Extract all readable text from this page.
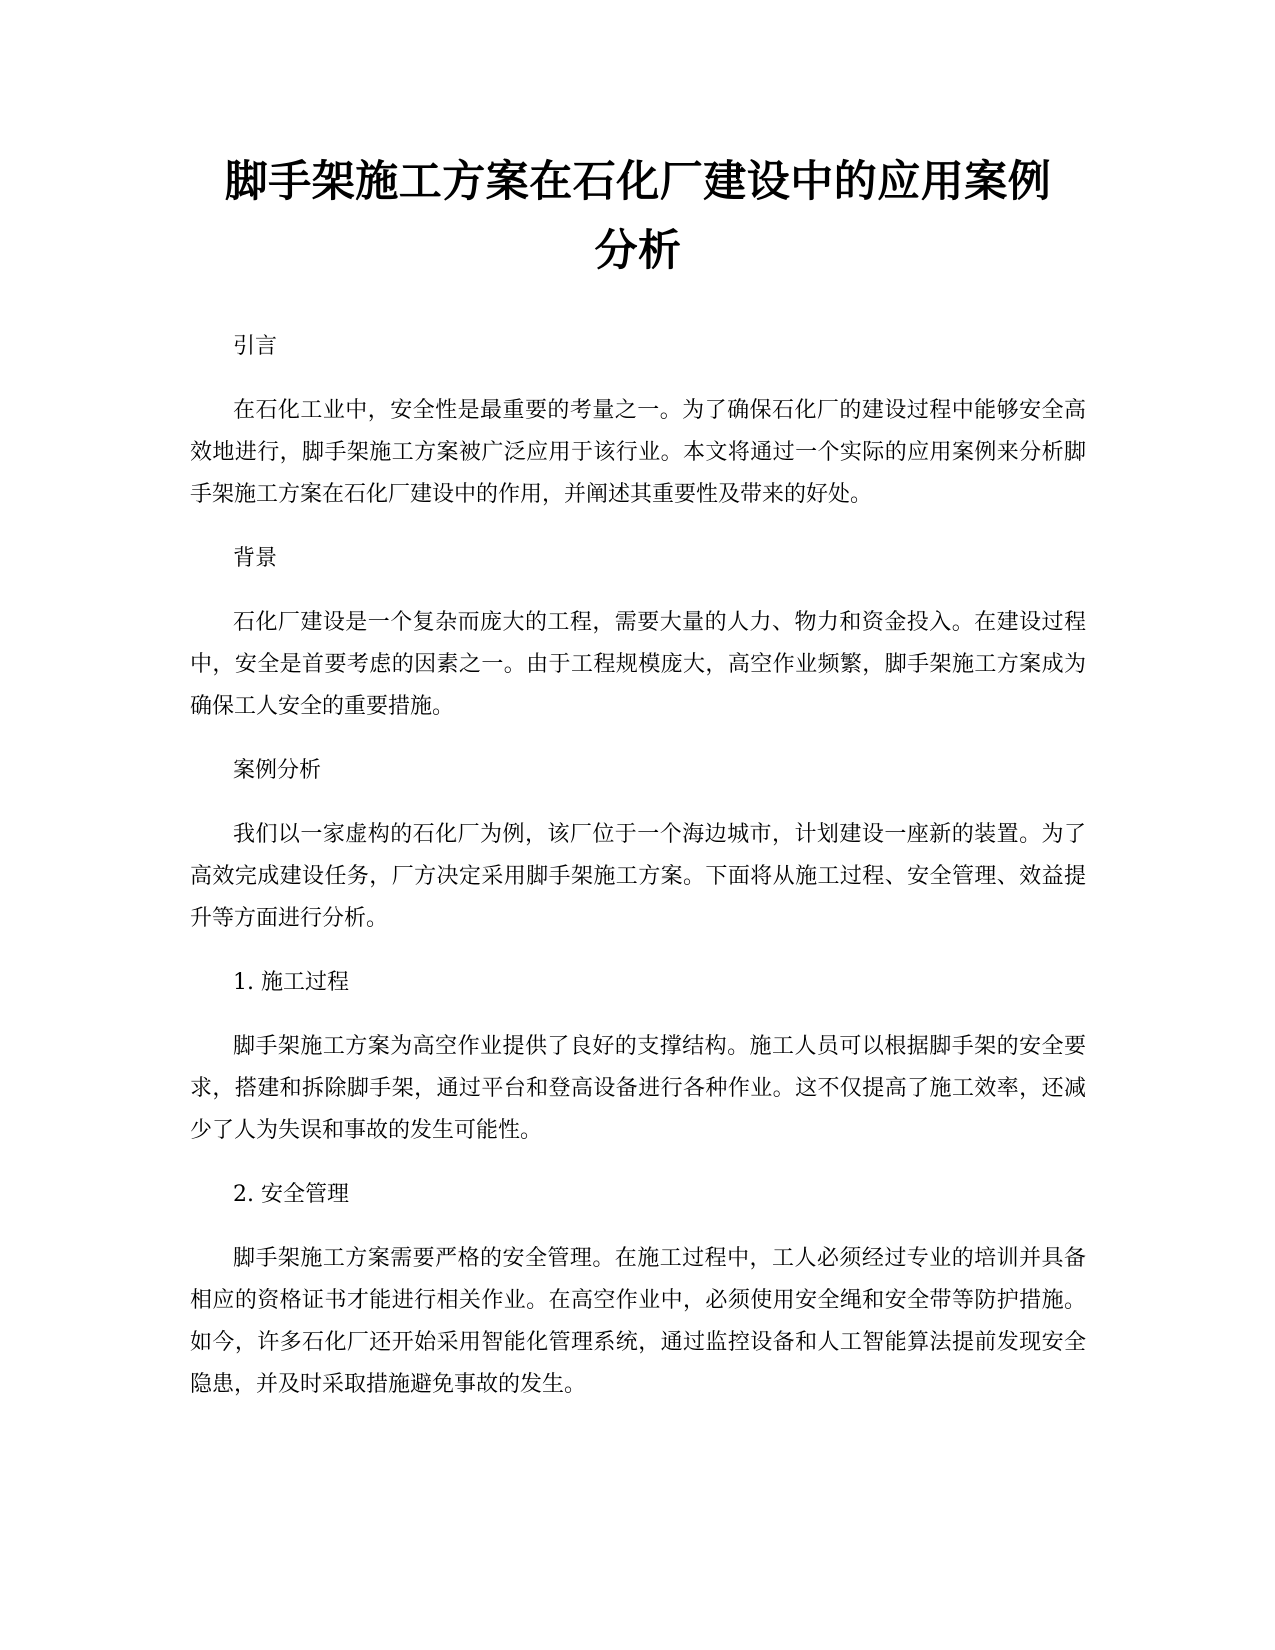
脚手架施工方案在石化厂建设中的应用案例
分析

引言

在石化工业中，安全性是最重要的考量之一。为了确保石化厂的建设过程中能够安全高效地进行，脚手架施工方案被广泛应用于该行业。本文将通过一个实际的应用案例来分析脚手架施工方案在石化厂建设中的作用，并阐述其重要性及带来的好处。

背景

石化厂建设是一个复杂而庞大的工程，需要大量的人力、物力和资金投入。在建设过程中，安全是首要考虑的因素之一。由于工程规模庞大，高空作业频繁，脚手架施工方案成为确保工人安全的重要措施。

案例分析

我们以一家虚构的石化厂为例，该厂位于一个海边城市，计划建设一座新的装置。为了高效完成建设任务，厂方决定采用脚手架施工方案。下面将从施工过程、安全管理、效益提升等方面进行分析。

1. 施工过程

脚手架施工方案为高空作业提供了良好的支撑结构。施工人员可以根据脚手架的安全要求，搭建和拆除脚手架，通过平台和登高设备进行各种作业。这不仅提高了施工效率，还减少了人为失误和事故的发生可能性。

2. 安全管理

脚手架施工方案需要严格的安全管理。在施工过程中，工人必须经过专业的培训并具备相应的资格证书才能进行相关作业。在高空作业中，必须使用安全绳和安全带等防护措施。如今，许多石化厂还开始采用智能化管理系统，通过监控设备和人工智能算法提前发现安全隐患，并及时采取措施避免事故的发生。
